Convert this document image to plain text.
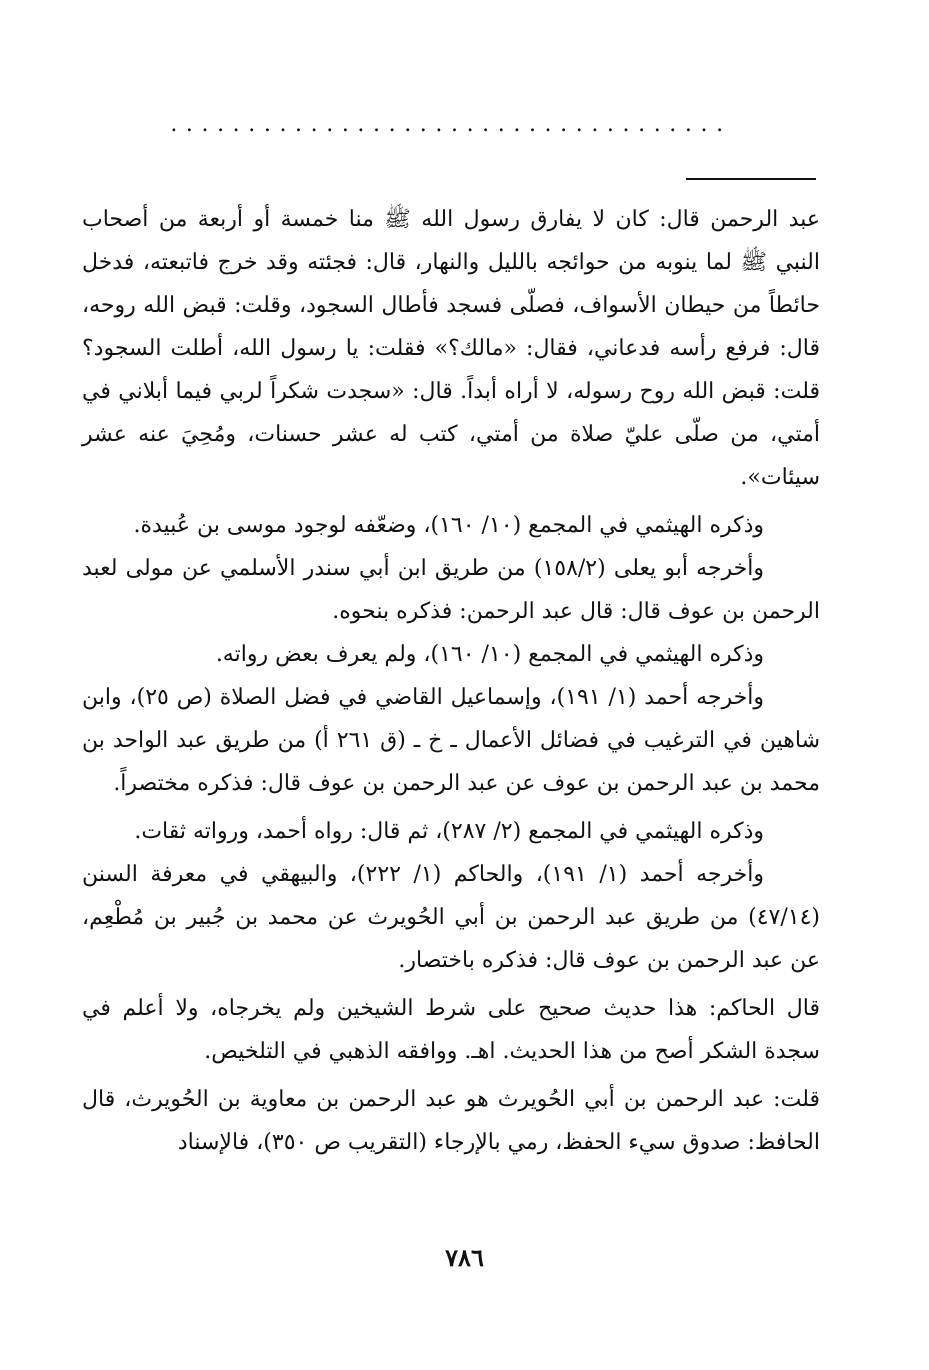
....................................

عبد الرحمن قال: كان لا يفارق رسول الله ﷺ منا خمسة أو أربعة من أصحاب النبي ﷺ لما ينوبه من حوائجه بالليل والنهار، قال: فجئته وقد خرج فاتبعته، فدخل حائطاً من حيطان الأسواف، فصلّى فسجد فأطال السجود، وقلت: قبض الله روحه، قال: فرفع رأسه فدعاني، فقال: «مالك؟» فقلت: يا رسول الله، أطلت السجود؟ قلت: قبض الله روح رسوله، لا أراه أبداً. قال: «سجدت شكراً لربي فيما أبلاني في أمتي، من صلّى عليّ صلاة من أمتي، كتب له عشر حسنات، ومُحِيَ عنه عشر سيئات».

وذكره الهيثمي في المجمع (١٠/ ١٦٠)، وضعّفه لوجود موسى بن عُبيدة.

وأخرجه أبو يعلى (١٥٨/٢) من طريق ابن أبي سندر الأسلمي عن مولى لعبد الرحمن بن عوف قال: قال عبد الرحمن: فذكره بنحوه.

وذكره الهيثمي في المجمع (١٠/ ١٦٠)، ولم يعرف بعض رواته.

وأخرجه أحمد (١/ ١٩١)، وإسماعيل القاضي في فضل الصلاة (ص ٢٥)، وابن شاهين في الترغيب في فضائل الأعمال ـ خ ـ (ق ٢٦١ أ) من طريق عبد الواحد بن محمد بن عبد الرحمن بن عوف عن عبد الرحمن بن عوف قال: فذكره مختصراً.

وذكره الهيثمي في المجمع (٢/ ٢٨٧)، ثم قال: رواه أحمد، ورواته ثقات.

وأخرجه أحمد (١/ ١٩١)، والحاكم (١/ ٢٢٢)، والبيهقي في معرفة السنن (٤٧/١٤) من طريق عبد الرحمن بن أبي الحُويرث عن محمد بن جُبير بن مُطْعِم، عن عبد الرحمن بن عوف قال: فذكره باختصار.

قال الحاكم: هذا حديث صحيح على شرط الشيخين ولم يخرجاه، ولا أعلم في سجدة الشكر أصح من هذا الحديث. اهـ. ووافقه الذهبي في التلخيص.

قلت: عبد الرحمن بن أبي الحُويرث هو عبد الرحمن بن معاوية بن الحُويرث، قال الحافظ: صدوق سيء الحفظ، رمي بالإرجاء (التقريب ص ٣٥٠)، فالإسناد

٧٨٦
